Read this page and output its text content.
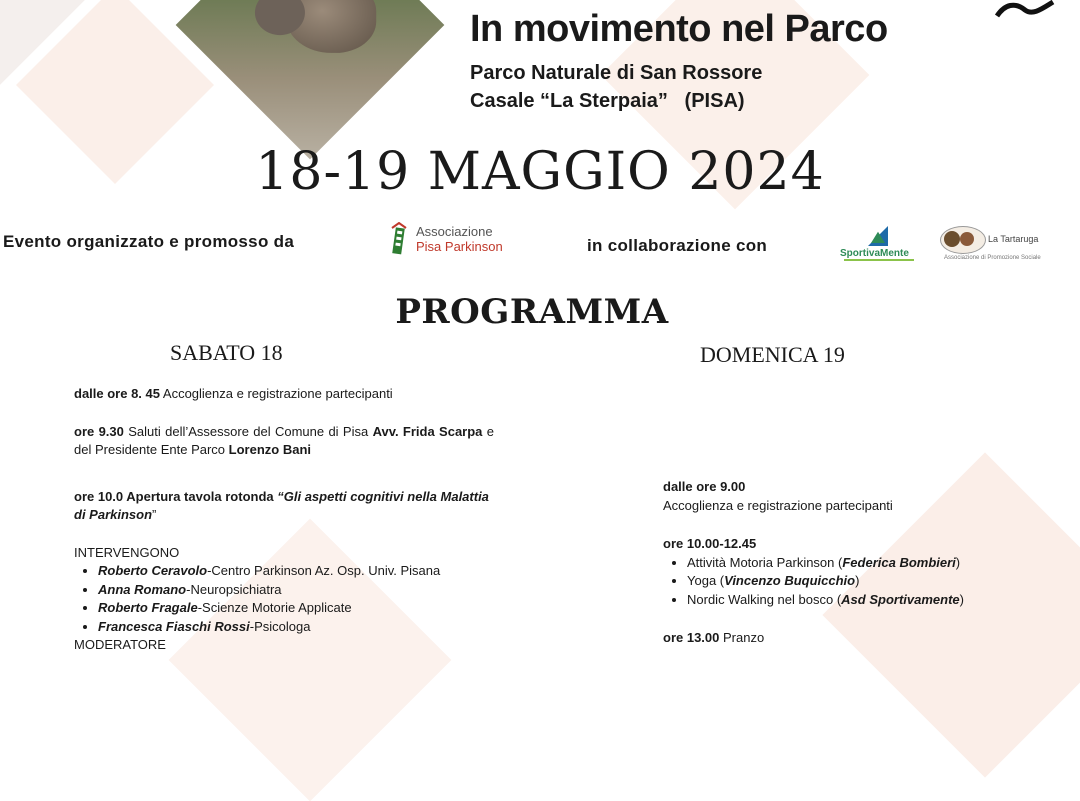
In movimento nel Parco
Parco Naturale di San Rossore
Casale “La Sterpaia”   (PISA)
18-19 MAGGIO 2024
Evento organizzato e promosso da
Associazione
Pisa Parkinson	in collaborazione con	SportivaMente
La Tartaruga
Associazione di Promozione Sociale
PROGRAMMA
SABATO 18	DOMENICA 19

dalle ore 8. 45 Accoglienza e registrazione partecipanti

ore 9.30 Saluti dell’Assessore del Comune di Pisa Avv. Frida Scarpa e del Presidente Ente Parco Lorenzo Bani

ore 10.0 Apertura tavola rotonda “Gli aspetti cognitivi nella Malattia di Parkinson”

INTERVENGONO
• Roberto Ceravolo-Centro Parkinson Az. Osp. Univ. Pisana
• Anna Romano-Neuropsichiatra
• Roberto Fragale-Scienze Motorie Applicate
• Francesca Fiaschi Rossi-Psicologa
MODERATORE
dalle ore 9.00
Accoglienza e registrazione partecipanti
ore 10.00-12.45
• Attività Motoria Parkinson (Federica Bombieri)
• Yoga (Vincenzo Buquicchio)
• Nordic Walking nel bosco (Asd Sportivamente)
ore 13.00 Pranzo
